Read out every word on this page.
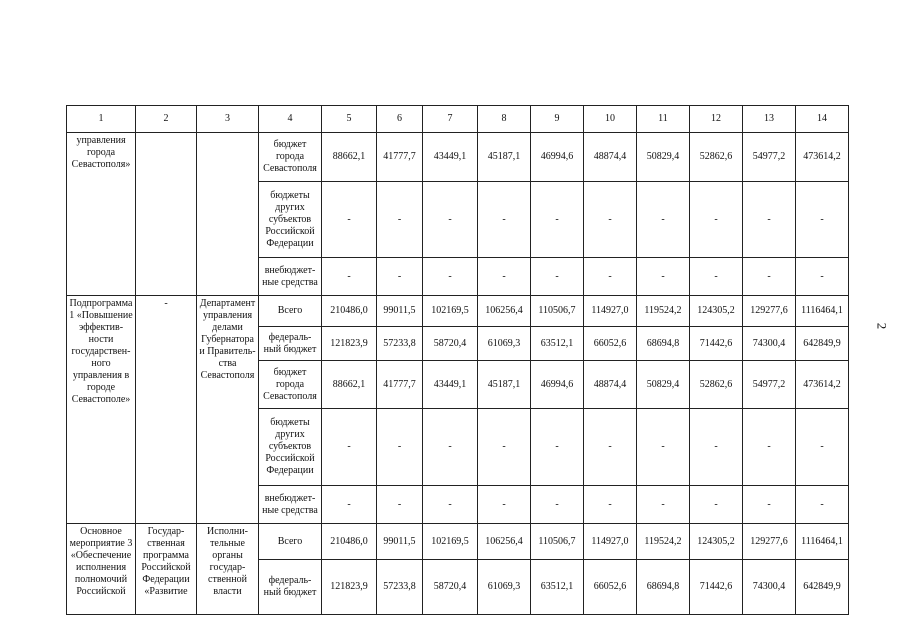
2
1	2	3	4	5	6	7	8	9	10	11	12	13	14
управления города Севастополя»			бюджет города Севастополя	88662,1	41777,7	43449,1	45187,1	46994,6	48874,4	50829,4	52862,6	54977,2	473614,2
			бюджеты других субъектов Российской Федерации	-	-	-	-	-	-	-	-	-	-
			внебюджет-ные средства	-	-	-	-	-	-	-	-	-	-
Подпрограмма 1 «Повышение эффектив-ности государствен-ного управления в городе Севастополе»	-	Департамент управления делами Губернатора и Правитель-ства Севастополя	Всего	210486,0	99011,5	102169,5	106256,4	110506,7	114927,0	119524,2	124305,2	129277,6	1116464,1
			федераль-ный бюджет	121823,9	57233,8	58720,4	61069,3	63512,1	66052,6	68694,8	71442,6	74300,4	642849,9
			бюджет города Севастополя	88662,1	41777,7	43449,1	45187,1	46994,6	48874,4	50829,4	52862,6	54977,2	473614,2
			бюджеты других субъектов Российской Федерации	-	-	-	-	-	-	-	-	-	-
			внебюджет-ные средства	-	-	-	-	-	-	-	-	-	-
Основное мероприятие 3 «Обеспечение исполнения полномочий Российской	Государ-ственная программа Российской Федерации «Развитие	Исполни-тельные органы государ-ственной власти	Всего	210486,0	99011,5	102169,5	106256,4	110506,7	114927,0	119524,2	124305,2	129277,6	1116464,1
			федераль-ный бюджет	121823,9	57233,8	58720,4	61069,3	63512,1	66052,6	68694,8	71442,6	74300,4	642849,9
